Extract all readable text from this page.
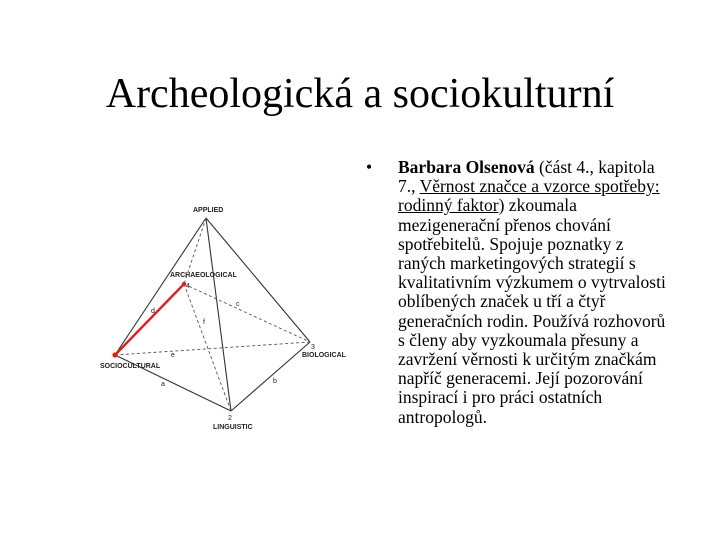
Archeologická a sociokulturní
APPLIED
ARCHAEOLOGICAL
SOCIOCULTURAL
BIOLOGICAL
LINGUISTIC
4
3
2
a	b
c
d
e
f
• Barbara Olsenová (část 4., kapitola 7., Věrnost značce a vzorce spotřeby: rodinný faktor) zkoumala mezigenerační přenos chování spotřebitelů. Spojuje poznatky z raných marketingových strategií s kvalitativním výzkumem o vytrvalosti oblíbených značek u tří a čtyř generačních rodin. Používá rozhovorů s členy aby vyzkoumala přesuny a zavržení věrnosti k určitým značkám napříč generacemi. Její pozorování inspirací i pro práci ostatních antropologů.
